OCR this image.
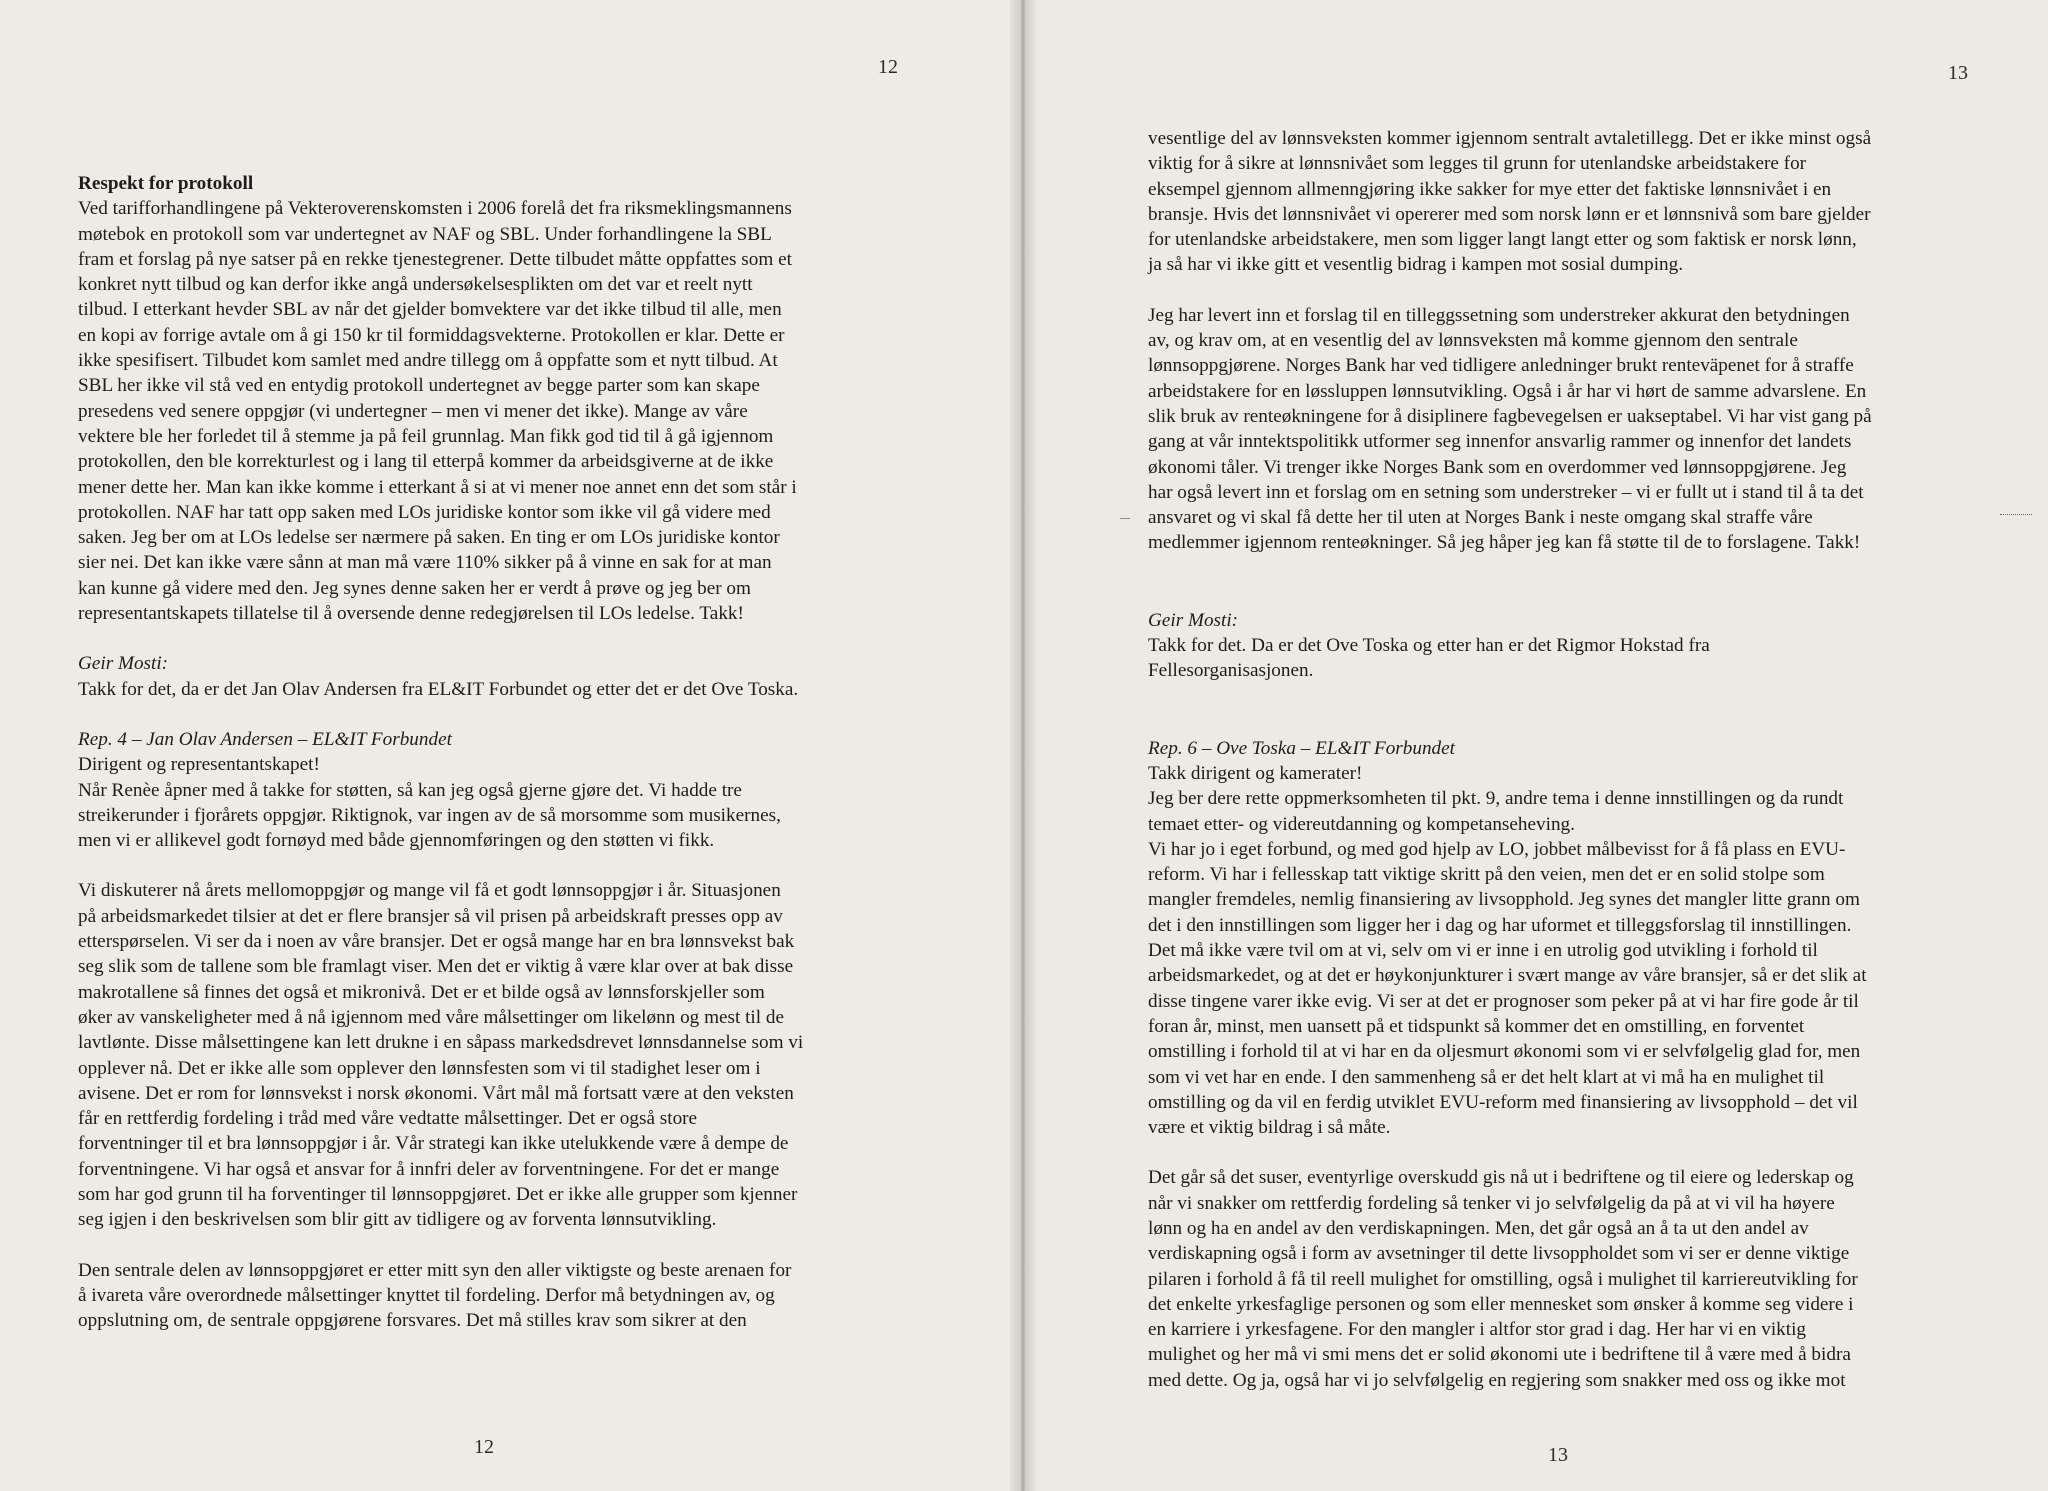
12

Respekt for protokoll

Ved tarifforhandlingene på Vekteroverenskomsten i 2006 forelå det fra riksmeklingsmannens
møtebok en protokoll som var undertegnet av NAF og SBL. Under forhandlingene la SBL
fram et forslag på nye satser på en rekke tjenestegrener. Dette tilbudet måtte oppfattes som et
konkret nytt tilbud og kan derfor ikke angå undersøkelsesplikten om det var et reelt nytt
tilbud. I etterkant hevder SBL av når det gjelder bomvektere var det ikke tilbud til alle, men
en kopi av forrige avtale om å gi 150 kr til formiddagsvekterne. Protokollen er klar. Dette er
ikke spesifisert. Tilbudet kom samlet med andre tillegg om å oppfatte som et nytt tilbud. At
SBL her ikke vil stå ved en entydig protokoll undertegnet av begge parter som kan skape
presedens ved senere oppgjør (vi undertegner – men vi mener det ikke). Mange av våre
vektere ble her forledet til å stemme ja på feil grunnlag. Man fikk god tid til å gå igjennom
protokollen, den ble korrekturlest og i lang til etterpå kommer da arbeidsgiverne at de ikke
mener dette her. Man kan ikke komme i etterkant å si at vi mener noe annet enn det som står i
protokollen. NAF har tatt opp saken med LOs juridiske kontor som ikke vil gå videre med
saken. Jeg ber om at LOs ledelse ser nærmere på saken. En ting er om LOs juridiske kontor
sier nei. Det kan ikke være sånn at man må være 110% sikker på å vinne en sak for at man
kan kunne gå videre med den. Jeg synes denne saken her er verdt å prøve og jeg ber om
representantskapets tillatelse til å oversende denne redegjørelsen til LOs ledelse. Takk!

Geir Mosti:

Takk for det, da er det Jan Olav Andersen fra EL&IT Forbundet og etter det er det Ove Toska.

Rep. 4 – Jan Olav Andersen – EL&IT Forbundet

Dirigent og representantskapet!
Når Renèe åpner med å takke for støtten, så kan jeg også gjerne gjøre det. Vi hadde tre
streikerunder i fjorårets oppgjør. Riktignok, var ingen av de så morsomme som musikernes,
men vi er allikevel godt fornøyd med både gjennomføringen og den støtten vi fikk.

Vi diskuterer nå årets mellomoppgjør og mange vil få et godt lønnsoppgjør i år. Situasjonen
på arbeidsmarkedet tilsier at det er flere bransjer så vil prisen på arbeidskraft presses opp av
etterspørselen. Vi ser da i noen av våre bransjer. Det er også mange har en bra lønnsvekst bak
seg slik som de tallene som ble framlagt viser. Men det er viktig å være klar over at bak disse
makrotallene så finnes det også et mikronivå. Det er et bilde også av lønnsforskjeller som
øker av vanskeligheter med å nå igjennom med våre målsettinger om likelønn og mest til de
lavtlønte. Disse målsettingene kan lett drukne i en såpass markedsdrevet lønnsdannelse som vi
opplever nå. Det er ikke alle som opplever den lønnsfesten som vi til stadighet leser om i
avisene. Det er rom for lønnsvekst i norsk økonomi. Vårt mål må fortsatt være at den veksten
får en rettferdig fordeling i tråd med våre vedtatte målsettinger. Det er også store
forventninger til et bra lønnsoppgjør i år. Vår strategi kan ikke utelukkende være å dempe de
forventningene. Vi har også et ansvar for å innfri deler av forventningene. For det er mange
som har god grunn til ha forventinger til lønnsoppgjøret. Det er ikke alle grupper som kjenner
seg igjen i den beskrivelsen som blir gitt av tidligere og av forventa lønnsutvikling.

Den sentrale delen av lønnsoppgjøret er etter mitt syn den aller viktigste og beste arenaen for
å ivareta våre overordnede målsettinger knyttet til fordeling. Derfor må betydningen av, og
oppslutning om, de sentrale oppgjørene forsvares. Det må stilles krav som sikrer at den

12
13

vesentlige del av lønnsveksten kommer igjennom sentralt avtaletillegg. Det er ikke minst også
viktig for å sikre at lønnsnivået som legges til grunn for utenlandske arbeidstakere for
eksempel gjennom allmenngjøring ikke sakker for mye etter det faktiske lønnsnivået i en
bransje. Hvis det lønnsnivået vi opererer med som norsk lønn er et lønnsnivå som bare gjelder
for utenlandske arbeidstakere, men som ligger langt langt etter og som faktisk er norsk lønn,
ja så har vi ikke gitt et vesentlig bidrag i kampen mot sosial dumping.

Jeg har levert inn et forslag til en tilleggssetning som understreker akkurat den betydningen
av, og krav om, at en vesentlig del av lønnsveksten må komme gjennom den sentrale
lønnsoppgjørene. Norges Bank har ved tidligere anledninger brukt renteväpenet for å straffe
arbeidstakere for en løssluppen lønnsutvikling. Også i år har vi hørt de samme advarslene. En
slik bruk av renteøkningene for å disiplinere fagbevegelsen er uakseptabel. Vi har vist gang på
gang at vår inntektspolitikk utformer seg innenfor ansvarlig rammer og innenfor det landets
økonomi tåler. Vi trenger ikke Norges Bank som en overdommer ved lønnsoppgjørene. Jeg
har også levert inn et forslag om en setning som understreker – vi er fullt ut i stand til å ta det
ansvaret og vi skal få dette her til uten at Norges Bank i neste omgang skal straffe våre
medlemmer igjennom renteøkninger. Så jeg håper jeg kan få støtte til de to forslagene. Takk!

Geir Mosti:

Takk for det. Da er det Ove Toska og etter han er det Rigmor Hokstad fra
Fellesorganisasjonen.

Rep. 6 – Ove Toska – EL&IT Forbundet

Takk dirigent og kamerater!
Jeg ber dere rette oppmerksomheten til pkt. 9, andre tema i denne innstillingen og da rundt
temaet etter- og videreutdanning og kompetanseheving.
Vi har jo i eget forbund, og med god hjelp av LO, jobbet målbevisst for å få plass en EVU-
reform. Vi har i fellesskap tatt viktige skritt på den veien, men det er en solid stolpe som
mangler fremdeles, nemlig finansiering av livsopphold. Jeg synes det mangler litte grann om
det i den innstillingen som ligger her i dag og har uformet et tilleggsforslag til innstillingen.
Det må ikke være tvil om at vi, selv om vi er inne i en utrolig god utvikling i forhold til
arbeidsmarkedet, og at det er høykonjunkturer i svært mange av våre bransjer, så er det slik at
disse tingene varer ikke evig. Vi ser at det er prognoser som peker på at vi har fire gode år til
foran år, minst, men uansett på et tidspunkt så kommer det en omstilling, en forventet
omstilling i forhold til at vi har en da oljesmurt økonomi som vi er selvfølgelig glad for, men
som vi vet har en ende. I den sammenheng så er det helt klart at vi må ha en mulighet til
omstilling og da vil en ferdig utviklet EVU-reform med finansiering av livsopphold – det vil
være et viktig bildrag i så måte.

Det går så det suser, eventyrlige overskudd gis nå ut i bedriftene og til eiere og lederskap og
når vi snakker om rettferdig fordeling så tenker vi jo selvfølgelig da på at vi vil ha høyere
lønn og ha en andel av den verdiskapningen. Men, det går også an å ta ut den andel av
verdiskapning også i form av avsetninger til dette livsoppholdet som vi ser er denne viktige
pilaren i forhold å få til reell mulighet for omstilling, også i mulighet til karriereutvikling for
det enkelte yrkesfaglige personen og som eller mennesket som ønsker å komme seg videre i
en karriere i yrkesfagene. For den mangler i altfor stor grad i dag. Her har vi en viktig
mulighet og her må vi smi mens det er solid økonomi ute i bedriftene til å være med å bidra
med dette. Og ja, også har vi jo selvfølgelig en regjering som snakker med oss og ikke mot

13
